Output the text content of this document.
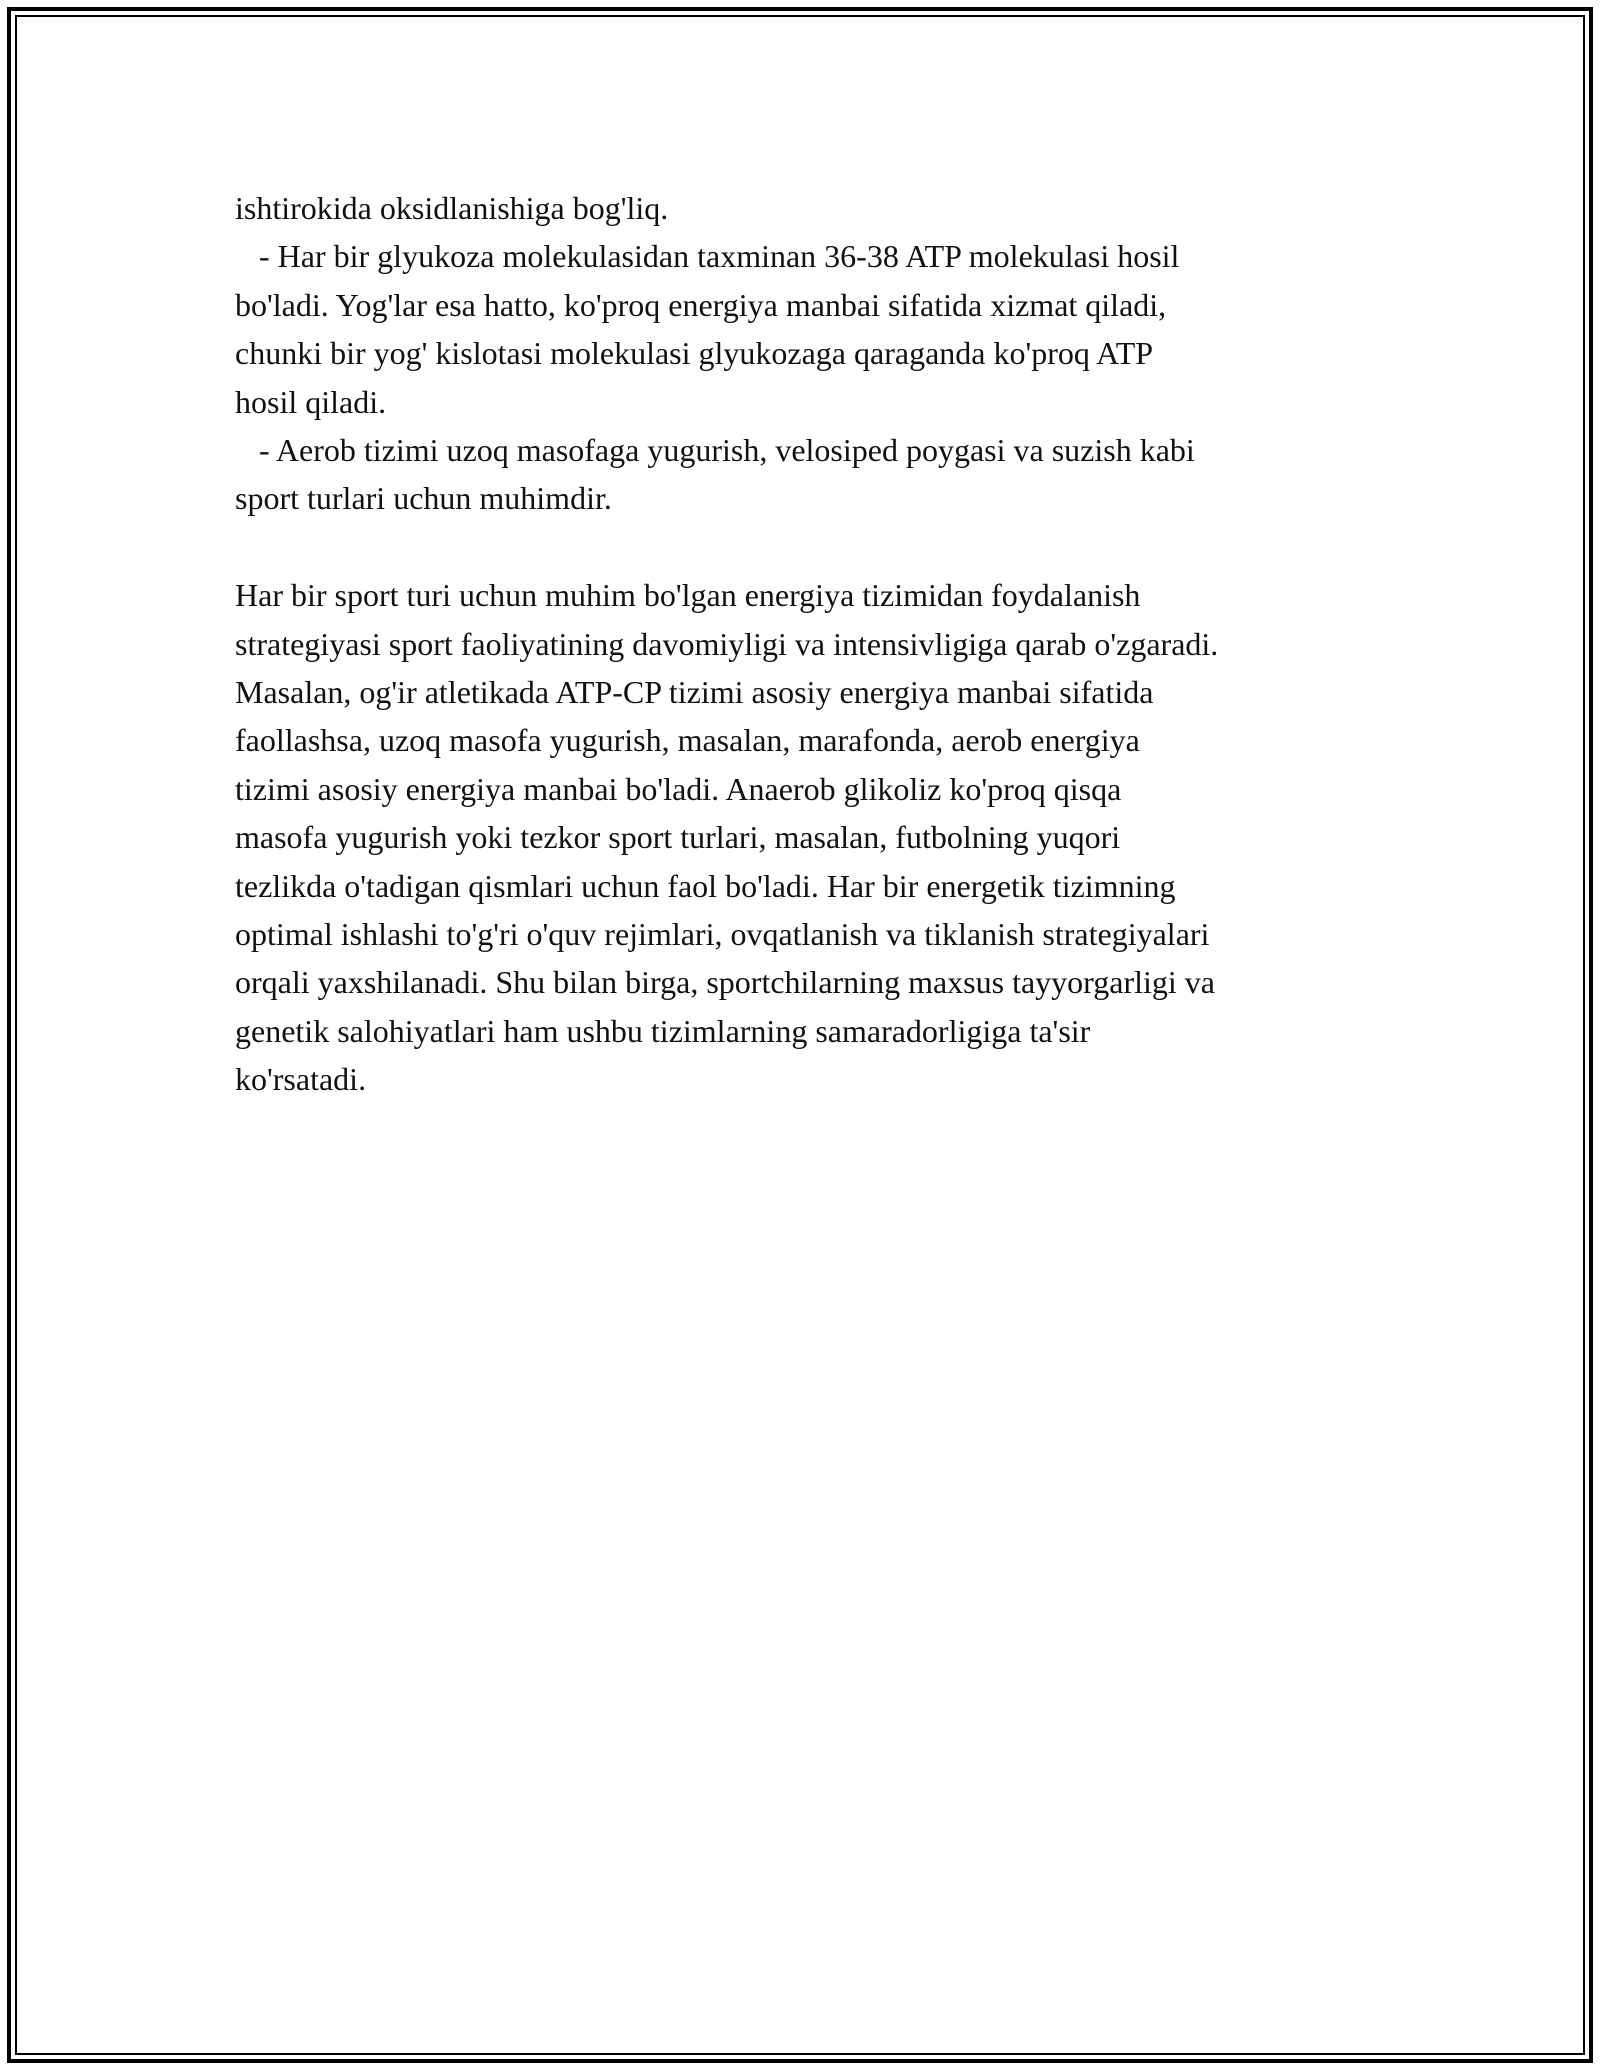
ishtirokida oksidlanishiga bog'liq.
- Har bir glyukoza molekulasidan taxminan 36-38 ATP molekulasi hosil
bo'ladi. Yog'lar esa hatto, ko'proq energiya manbai sifatida xizmat qiladi,
chunki bir yog' kislotasi molekulasi glyukozaga qaraganda ko'proq ATP
hosil qiladi.
- Aerob tizimi uzoq masofaga yugurish, velosiped poygasi va suzish kabi
sport turlari uchun muhimdir.
Har bir sport turi uchun muhim bo'lgan energiya tizimidan foydalanish
strategiyasi sport faoliyatining davomiyligi va intensivligiga qarab o'zgaradi.
Masalan, og'ir atletikada ATP-CP tizimi asosiy energiya manbai sifatida
faollashsa, uzoq masofa yugurish, masalan, marafonda, aerob energiya
tizimi asosiy energiya manbai bo'ladi. Anaerob glikoliz ko'proq qisqa
masofa yugurish yoki tezkor sport turlari, masalan, futbolning yuqori
tezlikda o'tadigan qismlari uchun faol bo'ladi. Har bir energetik tizimning
optimal ishlashi to'g'ri o'quv rejimlari, ovqatlanish va tiklanish strategiyalari
orqali yaxshilanadi. Shu bilan birga, sportchilarning maxsus tayyorgarligi va
genetik salohiyatlari ham ushbu tizimlarning samaradorligiga ta'sir
ko'rsatadi.
